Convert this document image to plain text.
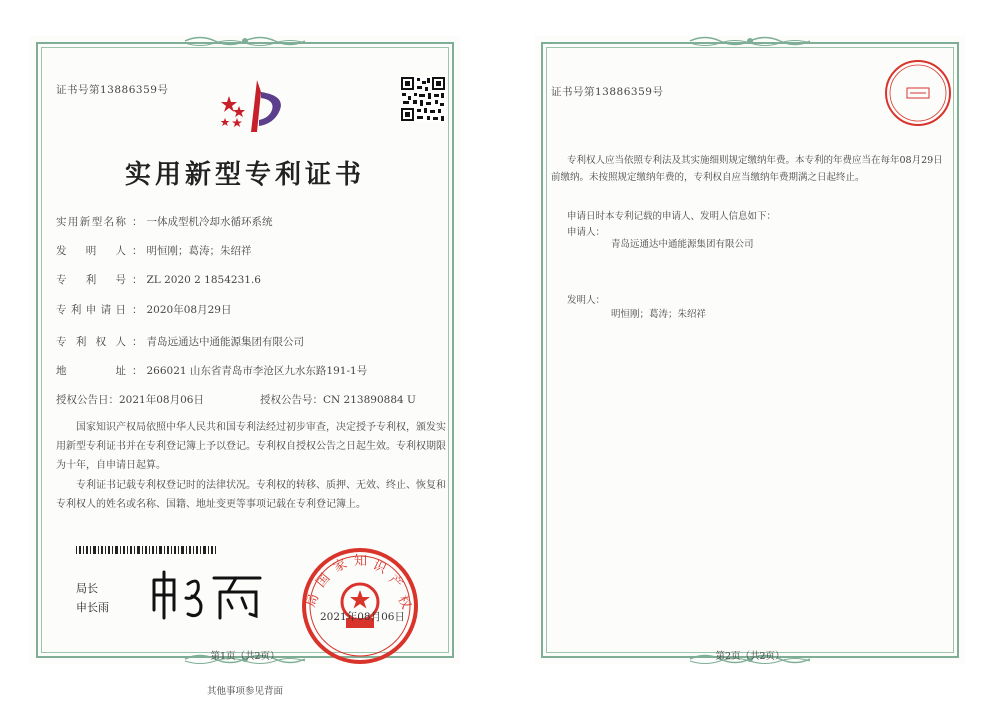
证书号第13886359号
实用新型专利证书
实用新型名称 ： 一体成型机冷却水循环系统
发明人 ： 明恒刚；葛涛；朱绍祥
专利号 ： ZL 2020 2 1854231.6
专利申请日 ： 2020年08月29日
专利权人 ： 青岛远通达中通能源集团有限公司
地址 ： 266021 山东省青岛市李沧区九水东路191-1号
授权公告日：2021年08月06日	授权公告号：CN 213890884 U
国家知识产权局依照中华人民共和国专利法经过初步审查，决定授予专利权，颁发实用新型专利证书并在专利登记簿上予以登记。专利权自授权公告之日起生效。专利权期限为十年，自申请日起算。
专利证书记载专利权登记时的法律状况。专利权的转移、质押、无效、终止、恢复和专利权人的姓名或名称、国籍、地址变更等事项记载在专利登记簿上。
局长
申长雨
国
家 知 识
产
权
局
2021年08月06日
第1页（共2页）
其他事项参见背面
证书号第13886359号
专利权人应当依照专利法及其实施细则规定缴纳年费。本专利的年费应当在每年08月29日前缴纳。未按照规定缴纳年费的，专利权自应当缴纳年费期满之日起终止。
申请日时本专利记载的申请人、发明人信息如下：
申请人：
青岛远通达中通能源集团有限公司
发明人：
明恒刚；葛涛；朱绍祥
第2页（共2页）
